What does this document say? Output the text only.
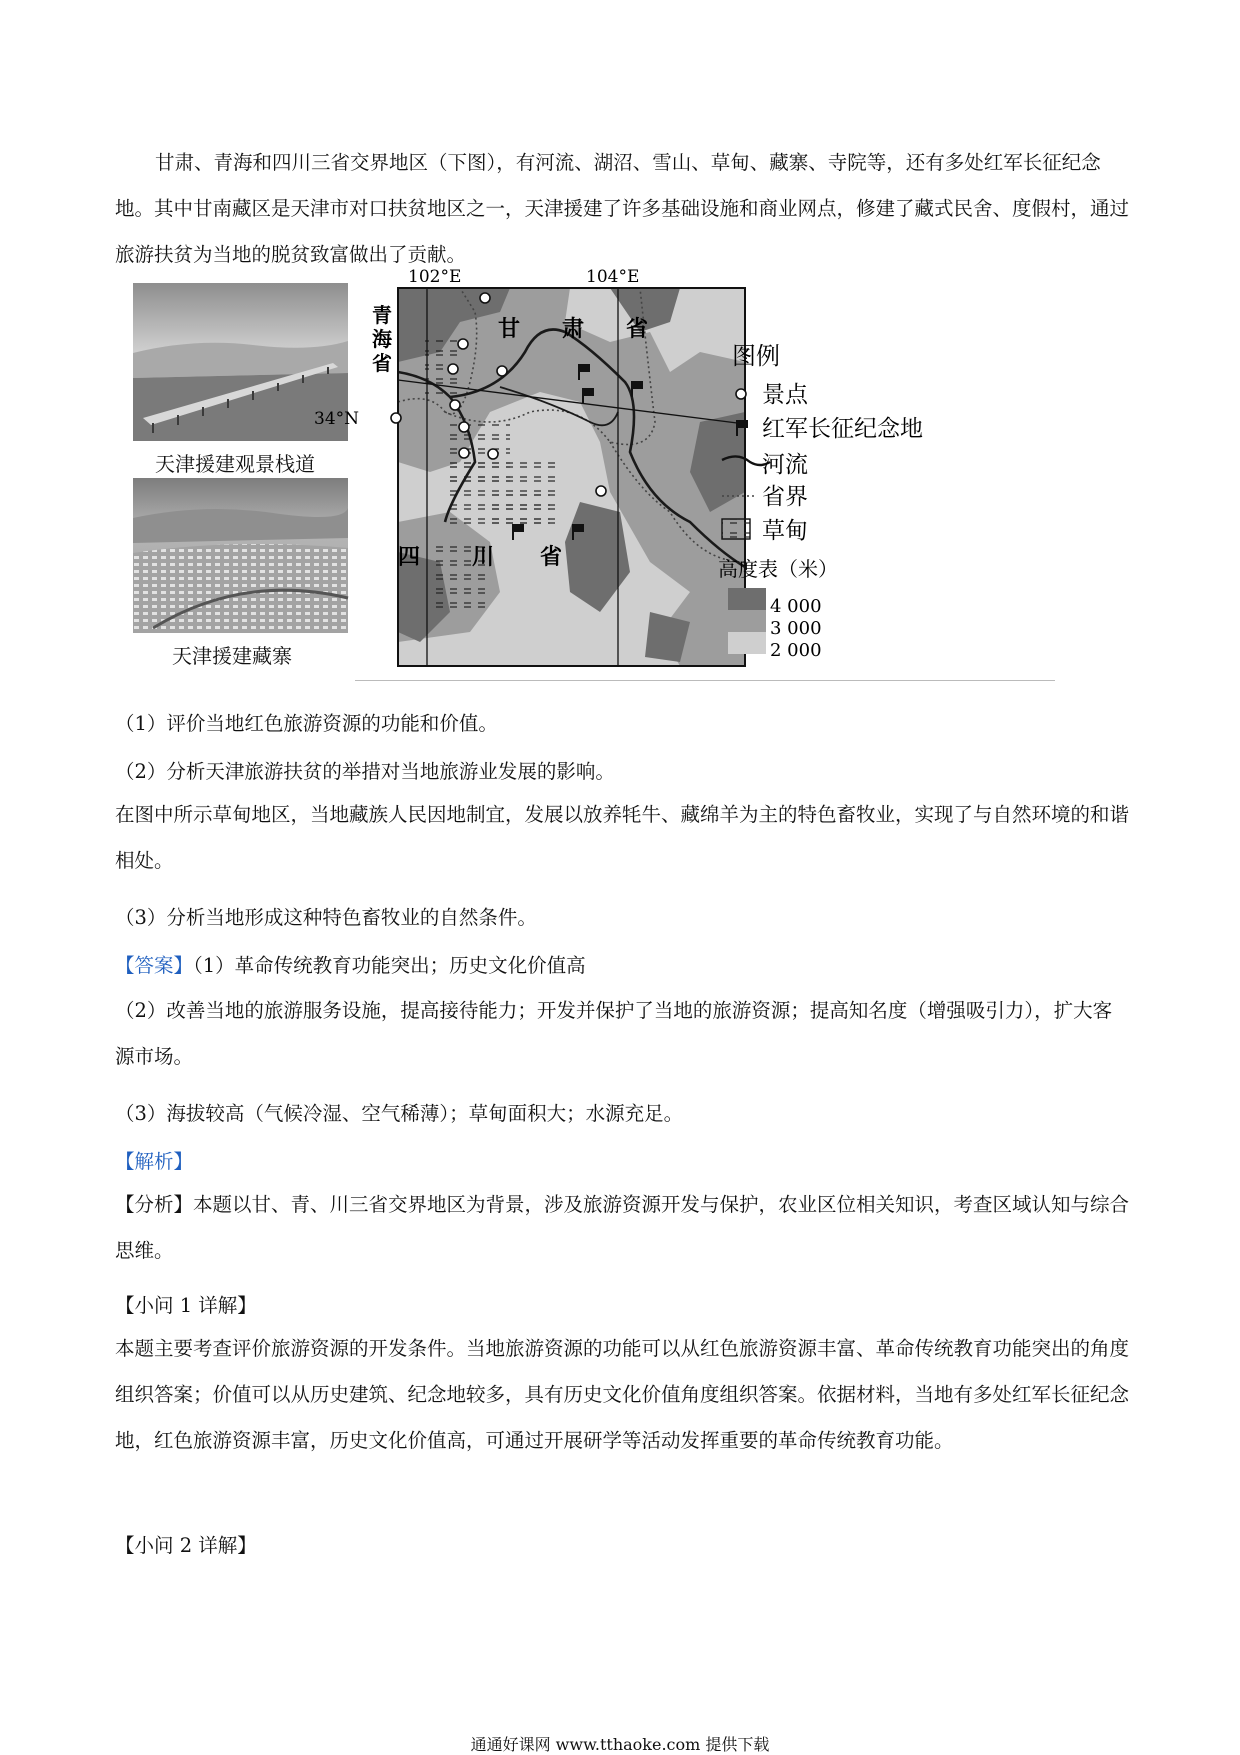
甘肃、青海和四川三省交界地区（下图），有河流、湖沼、雪山、草甸、藏寨、寺院等，还有多处红军长征纪念地。其中甘南藏区是天津市对口扶贫地区之一，天津援建了许多基础设施和商业网点，修建了藏式民舍、度假村，通过旅游扶贫为当地的脱贫致富做出了贡献。

天津援建观景栈道
天津援建藏寨
102°E	104°E
34°N
青
海
省
甘 肃 省
四 川 省
图例
景点
红军长征纪念地
河流
省界
草甸
高度表（米）
4 000
3 000
2 000

（1）评价当地红色旅游资源的功能和价值。

（2）分析天津旅游扶贫的举措对当地旅游业发展的影响。

在图中所示草甸地区，当地藏族人民因地制宜，发展以放养牦牛、藏绵羊为主的特色畜牧业，实现了与自然环境的和谐相处。

（3）分析当地形成这种特色畜牧业的自然条件。

【答案】（1）革命传统教育功能突出；历史文化价值高

（2）改善当地的旅游服务设施，提高接待能力；开发并保护了当地的旅游资源；提高知名度（增强吸引力），扩大客源市场。

（3）海拔较高（气候冷湿、空气稀薄）；草甸面积大；水源充足。

【解析】

【分析】本题以甘、青、川三省交界地区为背景，涉及旅游资源开发与保护，农业区位相关知识，考查区域认知与综合思维。

【小问 1 详解】

本题主要考查评价旅游资源的开发条件。当地旅游资源的功能可以从红色旅游资源丰富、革命传统教育功能突出的角度组织答案；价值可以从历史建筑、纪念地较多，具有历史文化价值角度组织答案。依据材料，当地有多处红军长征纪念地，红色旅游资源丰富，历史文化价值高，可通过开展研学等活动发挥重要的革命传统教育功能。

【小问 2 详解】

通通好课网 www.tthaoke.com 提供下载
